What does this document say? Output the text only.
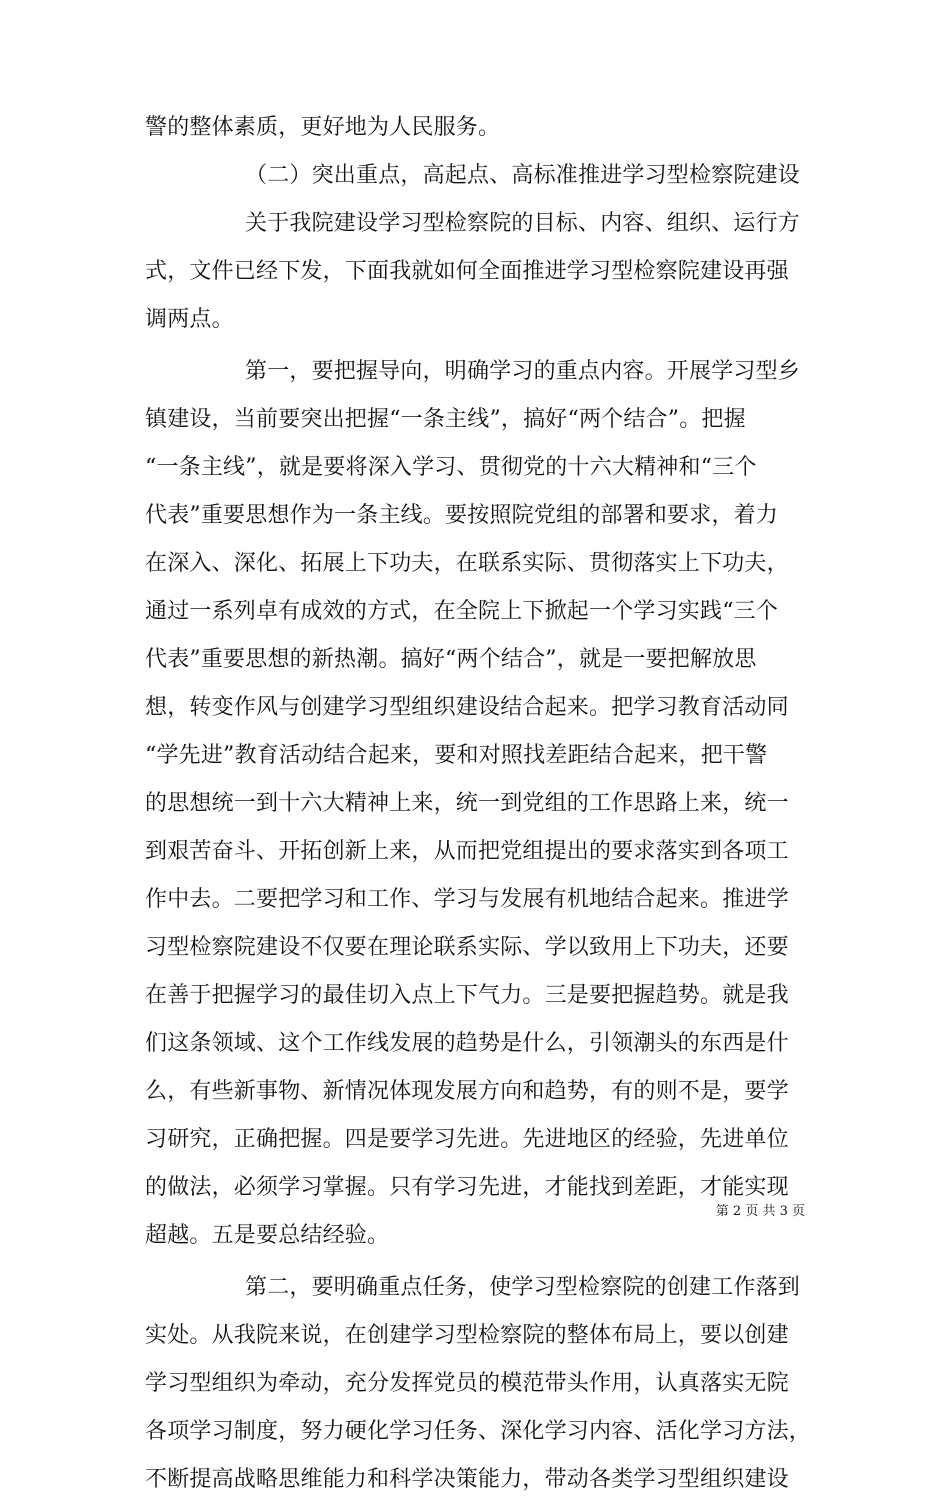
警的整体素质，更好地为人民服务。
（二）突出重点，高起点、高标准推进学习型检察院建设
关于我院建设学习型检察院的目标、内容、组织、运行方
式，文件已经下发，下面我就如何全面推进学习型检察院建设再强
调两点。
第一，要把握导向，明确学习的重点内容。开展学习型乡
镇建设，当前要突出把握“一条主线”，搞好“两个结合”。把握
“一条主线”，就是要将深入学习、贯彻党的十六大精神和“三个
代表”重要思想作为一条主线。要按照院党组的部署和要求，着力
在深入、深化、拓展上下功夫，在联系实际、贯彻落实上下功夫，
通过一系列卓有成效的方式，在全院上下掀起一个学习实践“三个
代表”重要思想的新热潮。搞好“两个结合”，就是一要把解放思
想，转变作风与创建学习型组织建设结合起来。把学习教育活动同
“学先进”教育活动结合起来，要和对照找差距结合起来，把干警
的思想统一到十六大精神上来，统一到党组的工作思路上来，统一
到艰苦奋斗、开拓创新上来，从而把党组提出的要求落实到各项工
作中去。二要把学习和工作、学习与发展有机地结合起来。推进学
习型检察院建设不仅要在理论联系实际、学以致用上下功夫，还要
在善于把握学习的最佳切入点上下气力。三是要把握趋势。就是我
们这条领域、这个工作线发展的趋势是什么，引领潮头的东西是什
么，有些新事物、新情况体现发展方向和趋势，有的则不是，要学
习研究，正确把握。四是要学习先进。先进地区的经验，先进单位
的做法，必须学习掌握。只有学习先进，才能找到差距，才能实现
超越。五是要总结经验。
第二，要明确重点任务，使学习型检察院的创建工作落到
实处。从我院来说，在创建学习型检察院的整体布局上，要以创建
学习型组织为牵动，充分发挥党员的模范带头作用，认真落实无院
各项学习制度，努力硬化学习任务、深化学习内容、活化学习方法，
不断提高战略思维能力和科学决策能力，带动各类学习型组织建设
第 2 页 共 3 页
